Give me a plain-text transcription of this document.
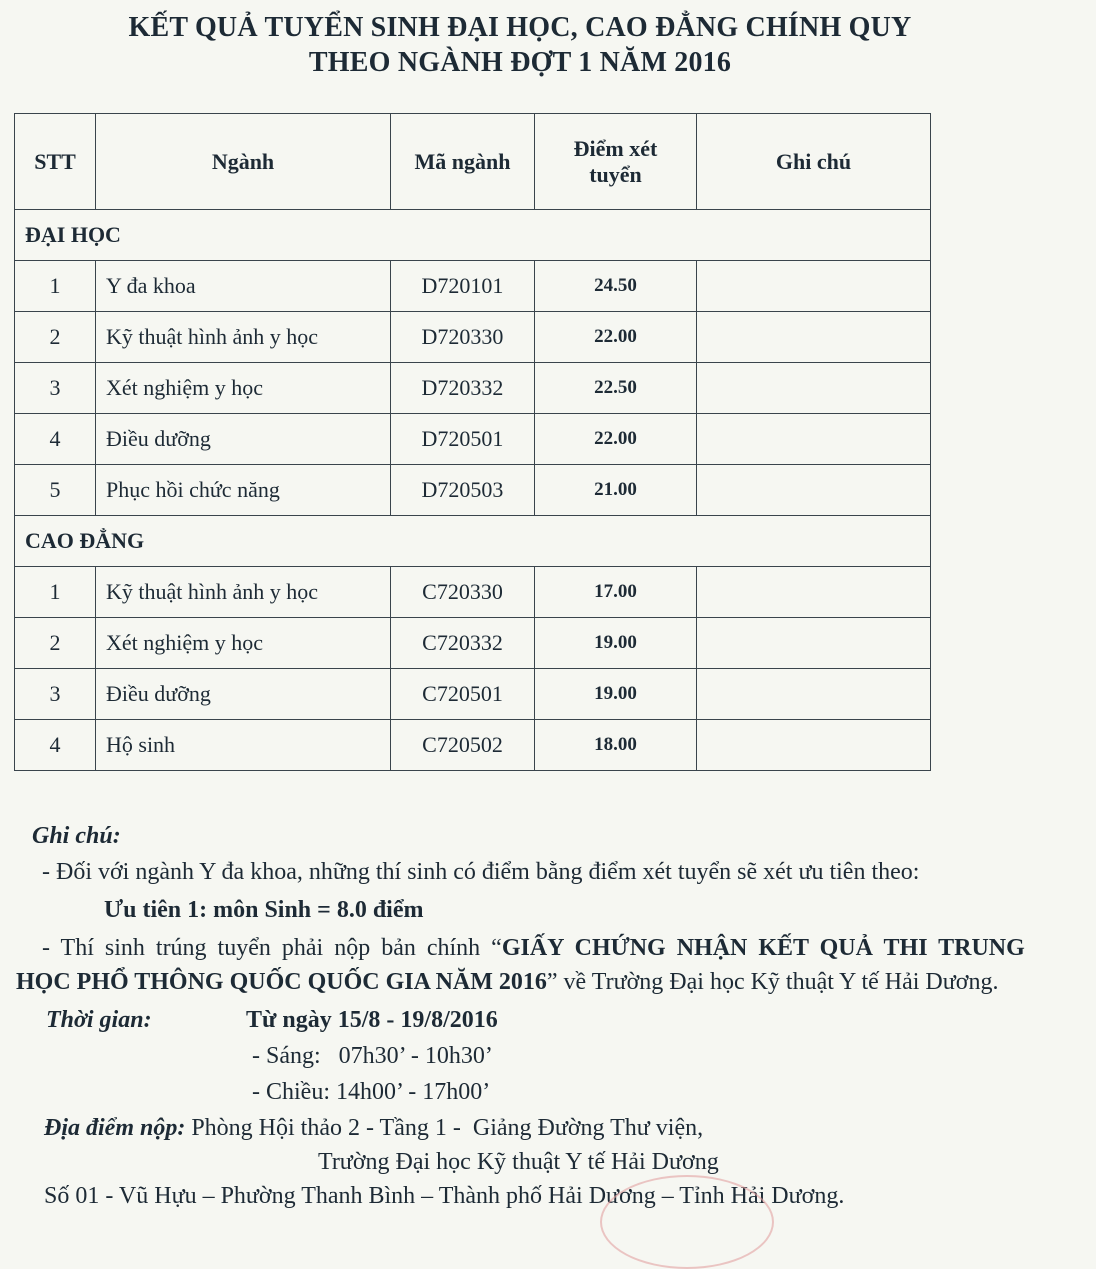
KẾT QUẢ TUYỂN SINH ĐẠI HỌC, CAO ĐẲNG CHÍNH QUY
THEO NGÀNH ĐỢT 1 NĂM 2016
STT	Ngành	Mã ngành	Điểm xét tuyển	Ghi chú
ĐẠI HỌC				
1	Y đa khoa	D720101	24.50	
2	Kỹ thuật hình ảnh y học	D720330	22.00	
3	Xét nghiệm y học	D720332	22.50	
4	Điều dưỡng	D720501	22.00	
5	Phục hồi chức năng	D720503	21.00	
CAO ĐẲNG				
1	Kỹ thuật hình ảnh y học	C720330	17.00	
2	Xét nghiệm y học	C720332	19.00	
3	Điều dưỡng	C720501	19.00	
4	Hộ sinh	C720502	18.00	
Ghi chú:
- Đối với ngành Y đa khoa, những thí sinh có điểm bằng điểm xét tuyển sẽ xét ưu tiên theo:
Ưu tiên 1: môn Sinh = 8.0 điểm
- Thí sinh trúng tuyển phải nộp bản chính “GIẤY CHỨNG NHẬN KẾT QUẢ THI TRUNG
HỌC PHỔ THÔNG QUỐC QUỐC GIA NĂM 2016” về Trường Đại học Kỹ thuật Y tế Hải Dương.
Thời gian:	Từ ngày 15/8 - 19/8/2016
- Sáng:   07h30’ - 10h30’
- Chiều: 14h00’ - 17h00’
Địa điểm nộp: Phòng Hội thảo 2 - Tầng 1 -  Giảng Đường Thư viện,
Trường Đại học Kỹ thuật Y tế Hải Dương
Số 01 - Vũ Hựu – Phường Thanh Bình – Thành phố Hải Dương – Tỉnh Hải Dương.
